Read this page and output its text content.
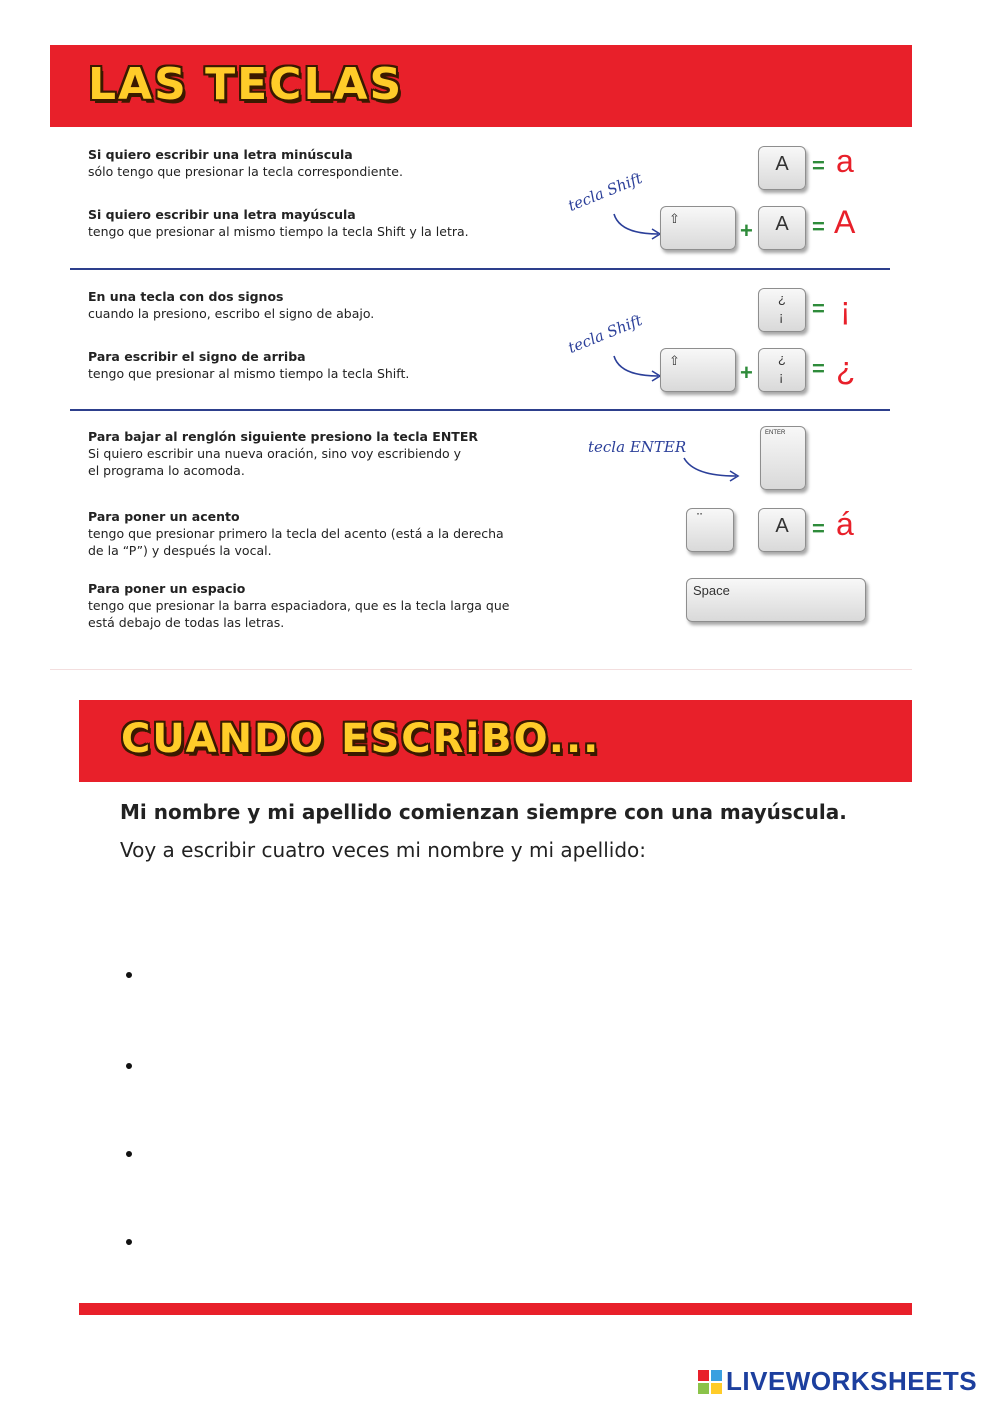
LAS TECLAS
Si quiero escribir una letra minúscula
sólo tengo que presionar la tecla correspondiente.
Si quiero escribir una letra mayúscula
tengo que presionar al mismo tiempo la tecla Shift y la letra.
En una tecla con dos signos
cuando la presiono, escribo el signo de abajo.
Para escribir el signo de arriba
tengo que presionar al mismo tiempo la tecla Shift.
Para bajar al renglón siguiente presiono la tecla ENTER
Si quiero escribir una nueva oración, sino voy escribiendo y
el programa lo acomoda.
Para poner un acento
tengo que presionar primero la tecla del acento (está a la derecha
de la “P”) y después la vocal.
Para poner un espacio
tengo que presionar la barra espaciadora, que es la tecla larga que
está debajo de todas las letras.
A	= a
tecla Shift
⇧	+	A	= A
¿
¡ = ¡
tecla Shift
⇧	+
¿
¡ = ¿
tecla ENTER
ENTER
¨	A	= á
Space
CUANDO ESCRiBO...
Mi nombre y mi apellido comienzan siempre con una mayúscula.
Voy a escribir cuatro veces mi nombre y mi apellido:
LIVEWORKSHEETS
